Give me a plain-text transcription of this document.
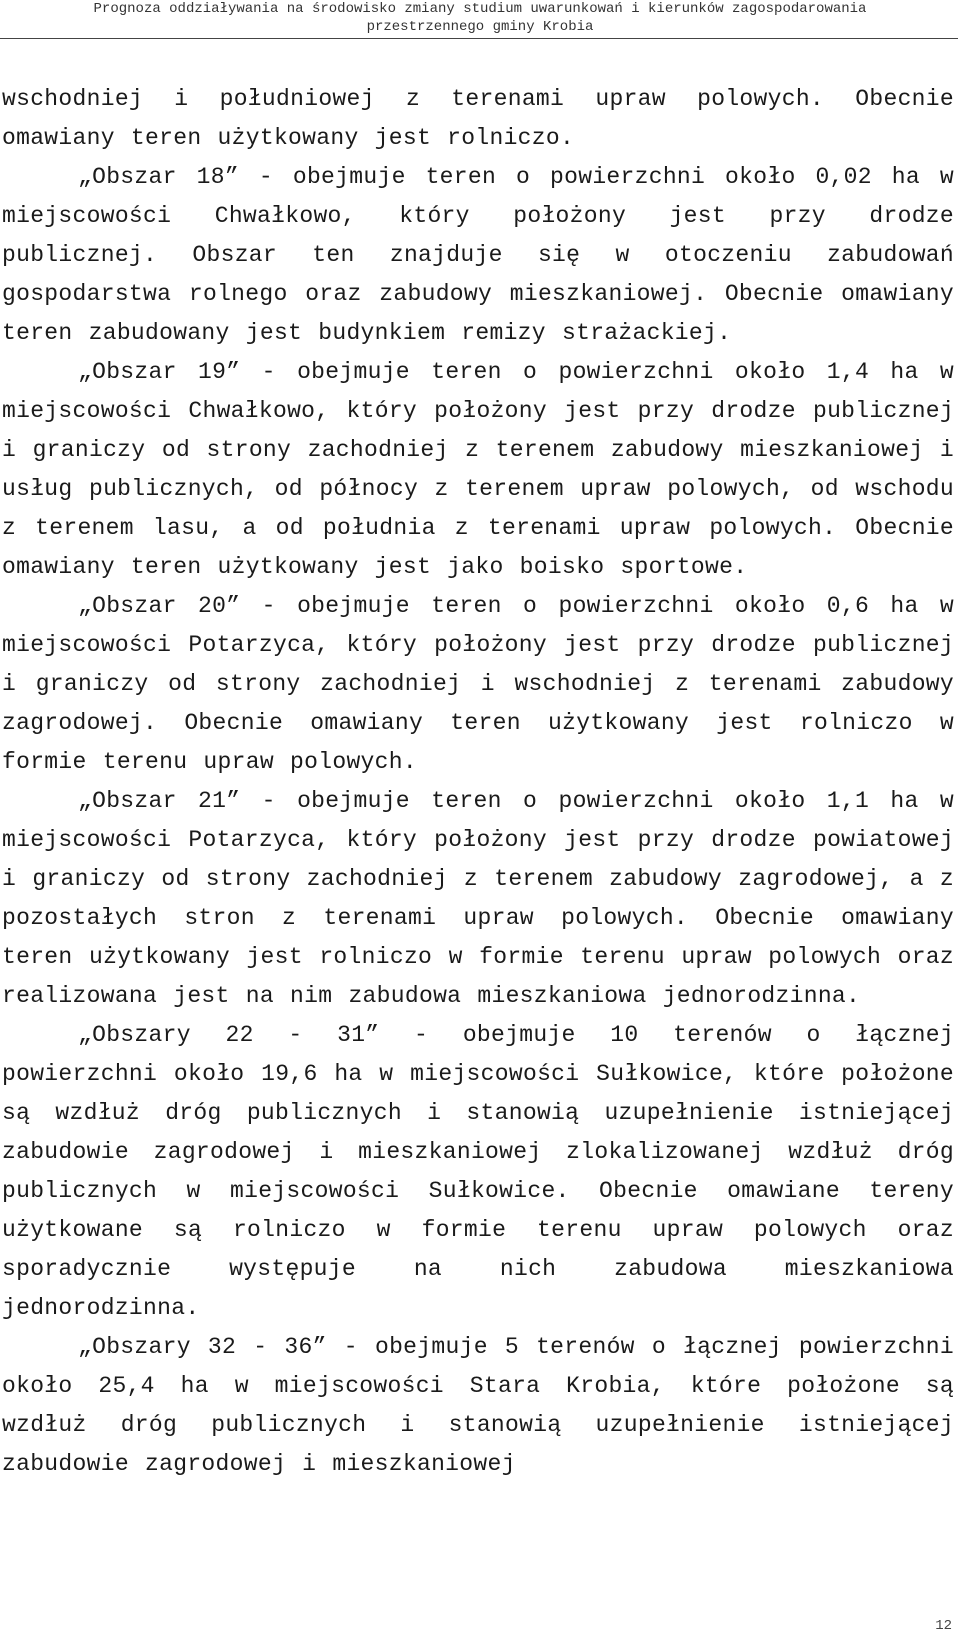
Prognoza oddziaływania na środowisko zmiany studium uwarunkowań i kierunków zagospodarowania
przestrzennego gminy Krobia

wschodniej i południowej z terenami upraw polowych. Obecnie omawiany teren użytkowany jest rolniczo.

„Obszar 18” - obejmuje teren o powierzchni około 0,02 ha w miejscowości Chwałkowo, który położony jest przy drodze publicznej. Obszar ten znajduje się w otoczeniu zabudowań gospodarstwa rolnego oraz zabudowy mieszkaniowej. Obecnie omawiany teren zabudowany jest budynkiem remizy strażackiej.

„Obszar 19” - obejmuje teren o powierzchni około 1,4 ha w miejscowości Chwałkowo, który położony jest przy drodze publicznej i graniczy od strony zachodniej z terenem zabudowy mieszkaniowej i usług publicznych, od północy z terenem upraw polowych, od wschodu z terenem lasu, a od południa z terenami upraw polowych. Obecnie omawiany teren użytkowany jest jako boisko sportowe.

„Obszar 20” - obejmuje teren o powierzchni około 0,6 ha w miejscowości Potarzyca, który położony jest przy drodze publicznej i graniczy od strony zachodniej i wschodniej z terenami zabudowy zagrodowej. Obecnie omawiany teren użytkowany jest rolniczo w formie terenu upraw polowych.

„Obszar 21” - obejmuje teren o powierzchni około 1,1 ha w miejscowości Potarzyca, który położony jest przy drodze powiatowej i graniczy od strony zachodniej z terenem zabudowy zagrodowej, a z pozostałych stron z terenami upraw polowych. Obecnie omawiany teren użytkowany jest rolniczo w formie terenu upraw polowych oraz realizowana jest na nim zabudowa mieszkaniowa jednorodzinna.

„Obszary 22 - 31” - obejmuje 10 terenów o łącznej powierzchni około 19,6 ha w miejscowości Sułkowice, które położone są wzdłuż dróg publicznych i stanowią uzupełnienie istniejącej zabudowie zagrodowej i mieszkaniowej zlokalizowanej wzdłuż dróg publicznych w miejscowości Sułkowice. Obecnie omawiane tereny użytkowane są rolniczo w formie terenu upraw polowych oraz sporadycznie występuje na nich zabudowa mieszkaniowa jednorodzinna.

„Obszary 32 - 36” - obejmuje 5 terenów o łącznej powierzchni około 25,4 ha w miejscowości Stara Krobia, które położone są wzdłuż dróg publicznych i stanowią uzupełnienie istniejącej zabudowie zagrodowej i mieszkaniowej

12
